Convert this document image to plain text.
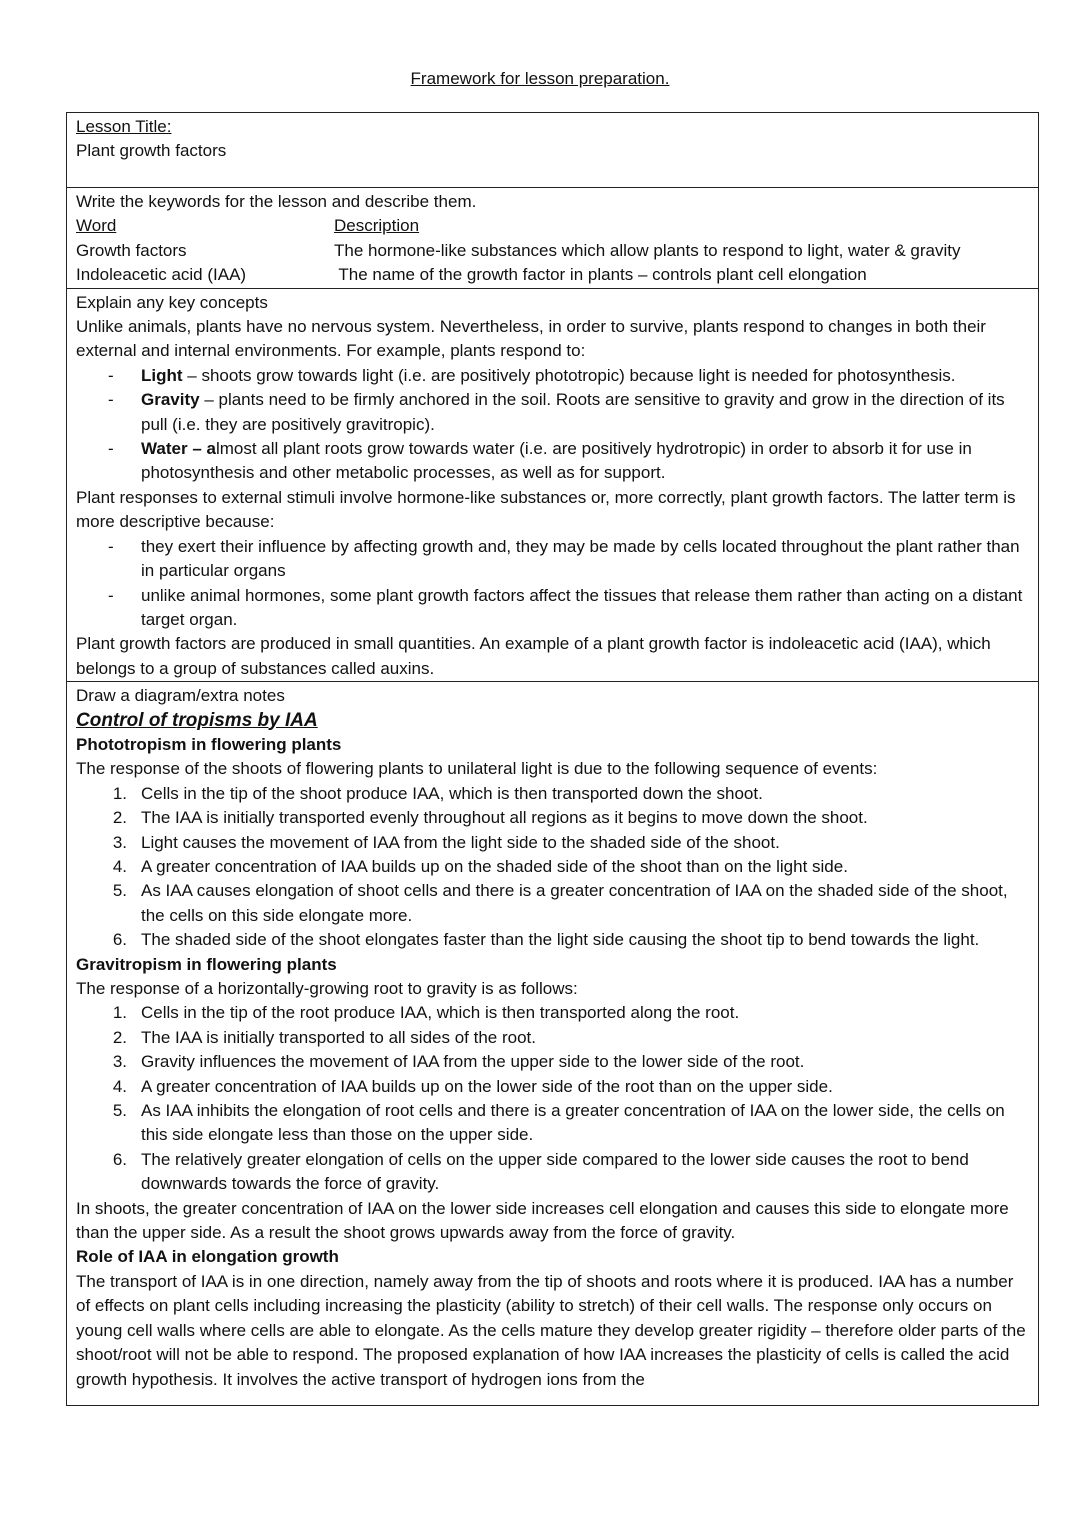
Framework for lesson preparation.
Lesson Title:
Plant growth factors
Write the keywords for the lesson and describe them.
Word	Description
Growth factors	The hormone-like substances which allow plants to respond to light, water & gravity
Indoleacetic acid (IAA)	The name of the growth factor in plants – controls plant cell elongation
Explain any key concepts
Unlike animals, plants have no nervous system. Nevertheless, in order to survive, plants respond to changes in both their external and internal environments. For example, plants respond to:
- Light – shoots grow towards light (i.e. are positively phototropic) because light is needed for photosynthesis.
- Gravity – plants need to be firmly anchored in the soil. Roots are sensitive to gravity and grow in the direction of its pull (i.e. they are positively gravitropic).
- Water – almost all plant roots grow towards water (i.e. are positively hydrotropic) in order to absorb it for use in photosynthesis and other metabolic processes, as well as for support.
Plant responses to external stimuli involve hormone-like substances or, more correctly, plant growth factors. The latter term is more descriptive because:
- they exert their influence by affecting growth and, they may be made by cells located throughout the plant rather than in particular organs
- unlike animal hormones, some plant growth factors affect the tissues that release them rather than acting on a distant target organ.
Plant growth factors are produced in small quantities. An example of a plant growth factor is indoleacetic acid (IAA), which belongs to a group of substances called auxins.
Draw a diagram/extra notes
Control of tropisms by IAA
Phototropism in flowering plants
The response of the shoots of flowering plants to unilateral light is due to the following sequence of events:
1. Cells in the tip of the shoot produce IAA, which is then transported down the shoot.
2. The IAA is initially transported evenly throughout all regions as it begins to move down the shoot.
3. Light causes the movement of IAA from the light side to the shaded side of the shoot.
4. A greater concentration of IAA builds up on the shaded side of the shoot than on the light side.
5. As IAA causes elongation of shoot cells and there is a greater concentration of IAA on the shaded side of the shoot, the cells on this side elongate more.
6. The shaded side of the shoot elongates faster than the light side causing the shoot tip to bend towards the light.
Gravitropism in flowering plants
The response of a horizontally-growing root to gravity is as follows:
1. Cells in the tip of the root produce IAA, which is then transported along the root.
2. The IAA is initially transported to all sides of the root.
3. Gravity influences the movement of IAA from the upper side to the lower side of the root.
4. A greater concentration of IAA builds up on the lower side of the root than on the upper side.
5. As IAA inhibits the elongation of root cells and there is a greater concentration of IAA on the lower side, the cells on this side elongate less than those on the upper side.
6. The relatively greater elongation of cells on the upper side compared to the lower side causes the root to bend downwards towards the force of gravity.
In shoots, the greater concentration of IAA on the lower side increases cell elongation and causes this side to elongate more than the upper side. As a result the shoot grows upwards away from the force of gravity.
Role of IAA in elongation growth
The transport of IAA is in one direction, namely away from the tip of shoots and roots where it is produced. IAA has a number of effects on plant cells including increasing the plasticity (ability to stretch) of their cell walls. The response only occurs on young cell walls where cells are able to elongate. As the cells mature they develop greater rigidity – therefore older parts of the shoot/root will not be able to respond. The proposed explanation of how IAA increases the plasticity of cells is called the acid growth hypothesis. It involves the active transport of hydrogen ions from the
